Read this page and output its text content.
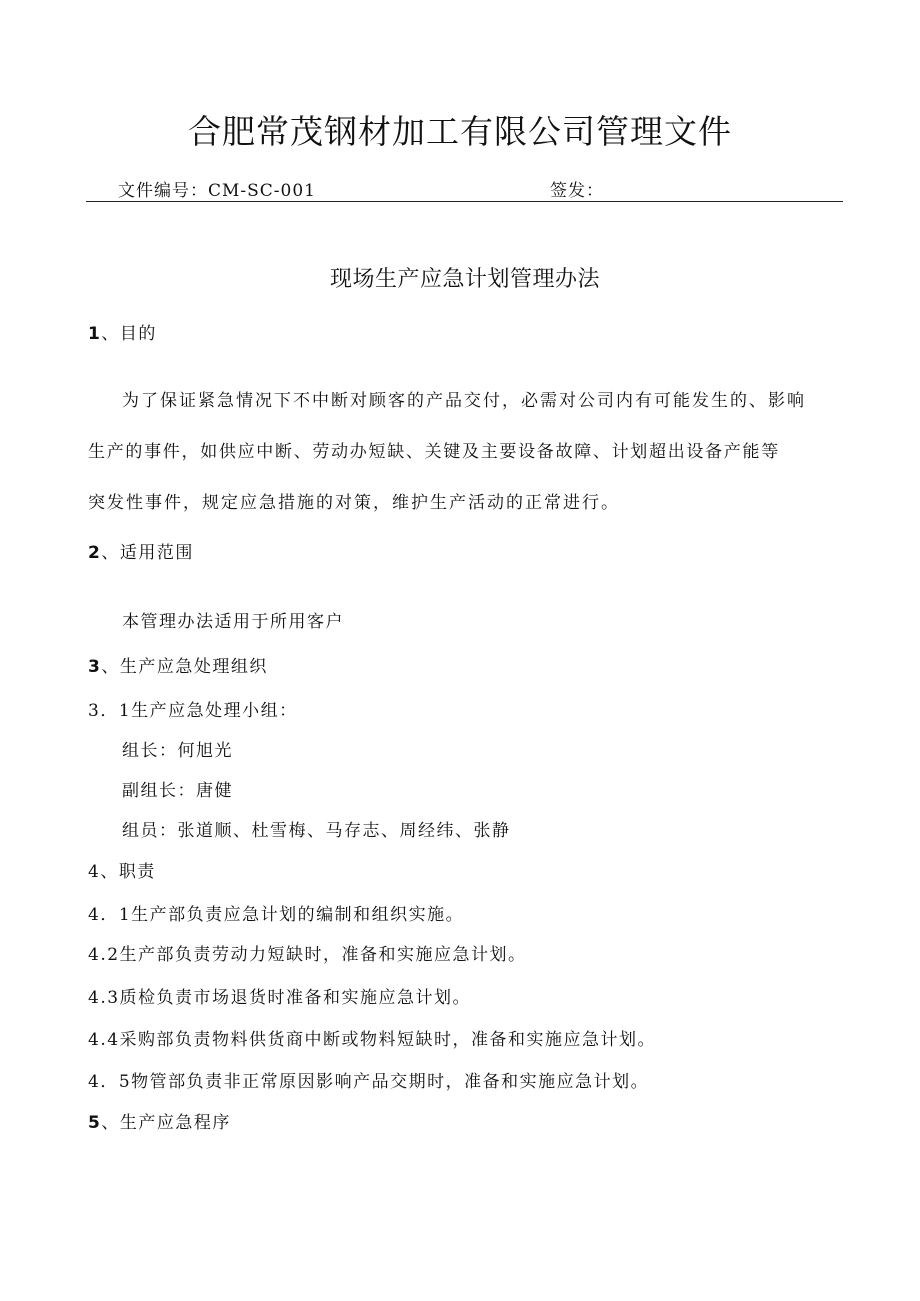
合肥常茂钢材加工有限公司管理文件
文件编号：CM-SC-001	签发：
现场生产应急计划管理办法
1、目的
为了保证紧急情况下不中断对顾客的产品交付，必需对公司内有可能发生的、影响
生产的事件，如供应中断、劳动办短缺、关键及主要设备故障、计划超出设备产能等
突发性事件，规定应急措施的对策，维护生产活动的正常进行。
2、适用范围
本管理办法适用于所用客户
3、生产应急处理组织
3．1生产应急处理小组：
组长：何旭光
副组长：唐健
组员：张道顺、杜雪梅、马存志、周经纬、张静
4、职责
4．1生产部负责应急计划的编制和组织实施。
4.2生产部负责劳动力短缺时，准备和实施应急计划。
4.3质检负责市场退货时准备和实施应急计划。
4.4采购部负责物料供货商中断或物料短缺时，准备和实施应急计划。
4．5物管部负责非正常原因影响产品交期时，准备和实施应急计划。
5、生产应急程序
